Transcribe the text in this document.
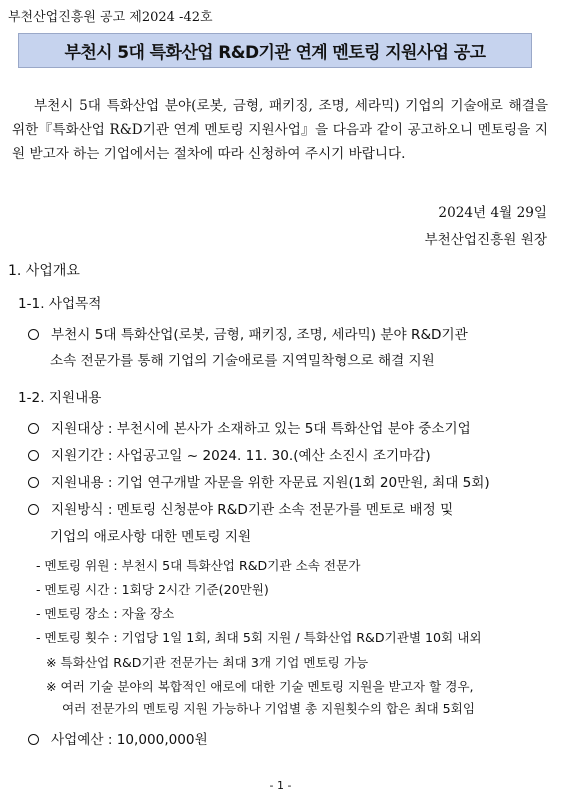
부천산업진흥원 공고 제2024 -42호
부천시 5대 특화산업 R&D기관 연계 멘토링 지원사업 공고
부천시 5대 특화산업 분야(로봇, 금형, 패키징, 조명, 세라믹) 기업의 기술애로 해결을 위한『특화산업 R&D기관 연계 멘토링 지원사업』을 다음과 같이 공고하오니 멘토링을 지원 받고자 하는 기업에서는 절차에 따라 신청하여 주시기 바랍니다.
2024년 4월 29일
부천산업진흥원 원장
1. 사업개요
1-1. 사업목적
부천시 5대 특화산업(로봇, 금형, 패키징, 조명, 세라믹) 분야 R&D기관
소속 전문가를 통해 기업의 기술애로를 지역밀착형으로 해결 지원
1-2. 지원내용
지원대상 : 부천시에 본사가 소재하고 있는 5대 특화산업 분야 중소기업
지원기간 : 사업공고일 ~ 2024. 11. 30.(예산 소진시 조기마감)
지원내용 : 기업 연구개발 자문을 위한 자문료 지원(1회 20만원, 최대 5회)
지원방식 : 멘토링 신청분야 R&D기관 소속 전문가를 멘토로 배정 및
기업의 애로사항 대한 멘토링 지원
- 멘토링 위원 : 부천시 5대 특화산업 R&D기관 소속 전문가
- 멘토링 시간 : 1회당 2시간 기준(20만원)
- 멘토링 장소 : 자율 장소
- 멘토링 횟수 : 기업당 1일 1회, 최대 5회 지원 / 특화산업 R&D기관별 10회 내외
※ 특화산업 R&D기관 전문가는 최대 3개 기업 멘토링 가능
※ 여러 기술 분야의 복합적인 애로에 대한 기술 멘토링 지원을 받고자 할 경우,
여러 전문가의 멘토링 지원 가능하나 기업별 총 지원횟수의 합은 최대 5회임
사업예산 : 10,000,000원
- 1 -
